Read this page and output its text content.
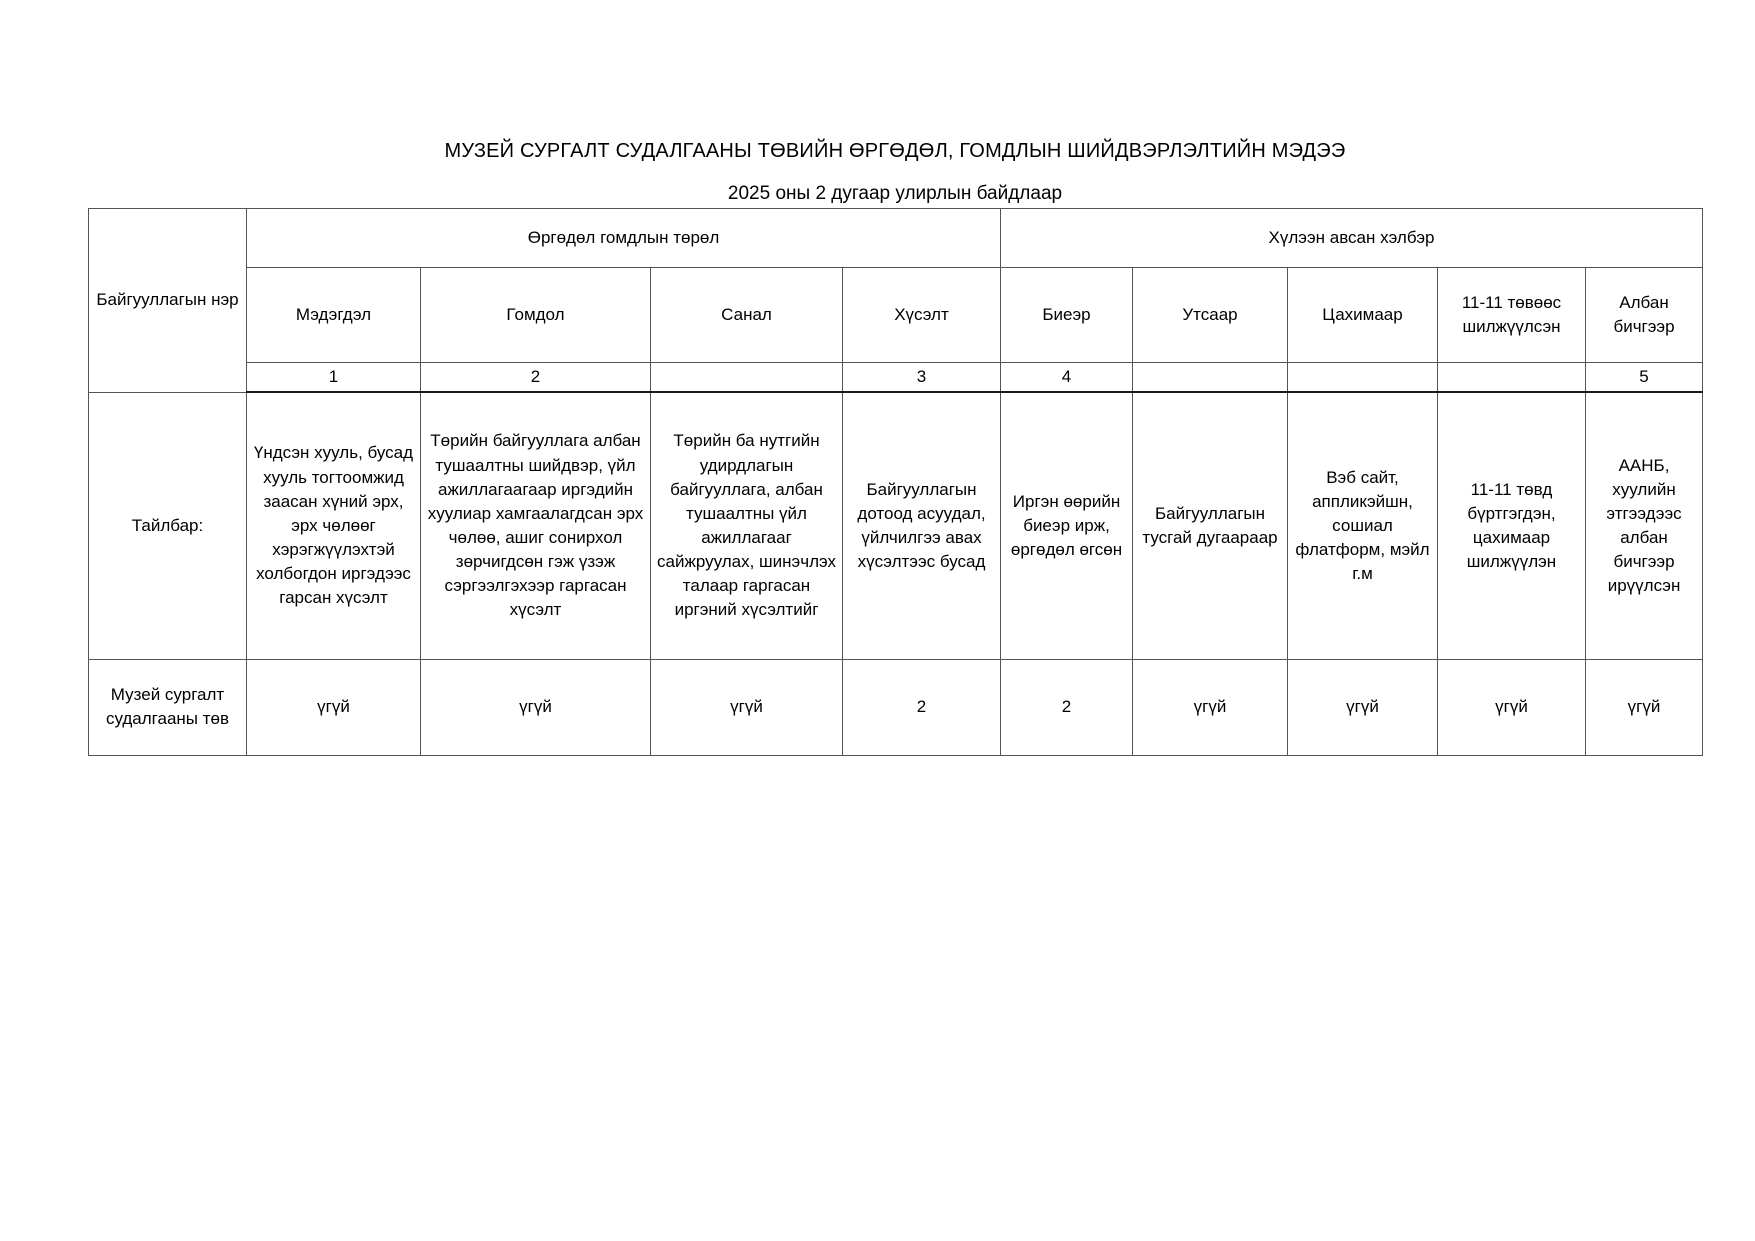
МУЗЕЙ СУРГАЛТ СУДАЛГААНЫ ТӨВИЙН ӨРГӨДӨЛ, ГОМДЛЫН ШИЙДВЭРЛЭЛТИЙН МЭДЭЭ
2025 оны 2 дугаар улирлын байдлаар
Байгууллагын нэр	Өргөдөл гомдлын төрөл				Хүлээн авсан хэлбэр				
	Мэдэгдэл	Гомдол	Санал	Хүсэлт	Биеэр	Утсаар	Цахимаар	11-11 төвөөс шилжүүлсэн	Албан бичгээр
	1	2		3	4				5
Тайлбар:	Үндсэн хууль, бусад хууль тогтоомжид заасан хүний эрх, эрх чөлөөг хэрэгжүүлэхтэй холбогдон иргэдээс гарсан хүсэлт	Төрийн байгууллага албан тушаалтны шийдвэр, үйл ажиллагаагаар иргэдийн хуулиар хамгаалагдсан эрх чөлөө, ашиг сонирхол зөрчигдсөн гэж үзэж сэргээлгэхээр гаргасан хүсэлт	Төрийн ба нутгийн удирдлагын байгууллага, албан тушаалтны үйл ажиллагааг сайжруулах, шинэчлэх талаар гаргасан иргэний хүсэлтийг	Байгууллагын дотоод асуудал, үйлчилгээ авах хүсэлтээс бусад	Иргэн өөрийн биеэр ирж, өргөдөл өгсөн	Байгууллагын тусгай дугаараар	Вэб сайт, аппликэйшн, сошиал флатформ, мэйл г.м	11-11 төвд бүртгэгдэн, цахимаар шилжүүлэн	ААНБ, хуулийн этгээдээс албан бичгээр ирүүлсэн
Музей сургалт судалгааны төв	үгүй	үгүй	үгүй	2	2	үгүй	үгүй	үгүй	үгүй
